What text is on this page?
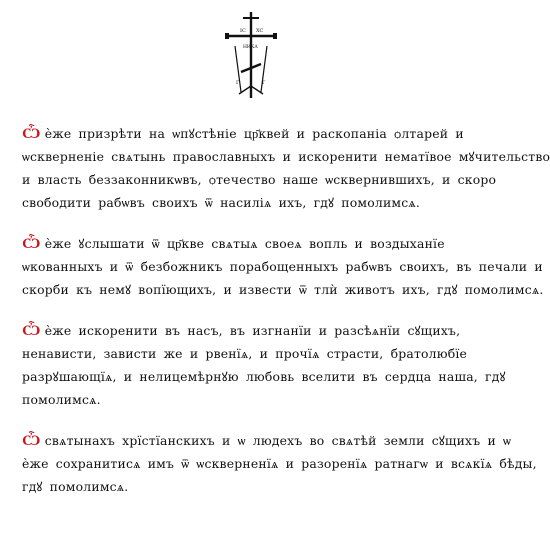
ІС ХС
НИКА
Г	Г

Ѽ ѐже призрѣти на ѡпꙋстѣніе цр҃квей и раскопаніа ѻлтарей и
ѡскверненіе свѧтынь православныхъ и искоренити нематївое мꙋчительство
и власть беззаконникѡвъ, ѻтечество наше ѡсквернившихъ, и скоро
свободити рабѡвъ своихъ ѿ насиліѧ ихъ, гдꙋ помолимсѧ.

Ѽ ѐже ꙋслышати ѿ цр҃кве свѧтыѧ своеѧ вопль и воздыханїе
ѡкованныхъ и ѿ безбожникъ порабощенныхъ рабѡвъ своихъ, въ печали и
скорби къ немꙋ вопїющихъ, и извести ѿ тлѝ животъ ихъ, гдꙋ помолимсѧ.

Ѽ ѐже искоренити въ насъ, въ изгнанїи и разсѣѧнїи сꙋщихъ,
ненависти, зависти же и рвенїѧ, и прочїѧ страсти, братолюбїе
разрꙋшающїѧ, и нелицемѣрнꙋю любовь вселити въ сердца наша, гдꙋ
помолимсѧ.

Ѽ свѧтынахъ хрїстїанскихъ и ѡ людехъ во свѧтѣй земли сꙋщихъ и ѡ
ѐже сохранитисѧ имъ ѿ ѡскверненїѧ и разоренїѧ ратнагѡ и всѧкїѧ бѣды,
гдꙋ помолимсѧ.
